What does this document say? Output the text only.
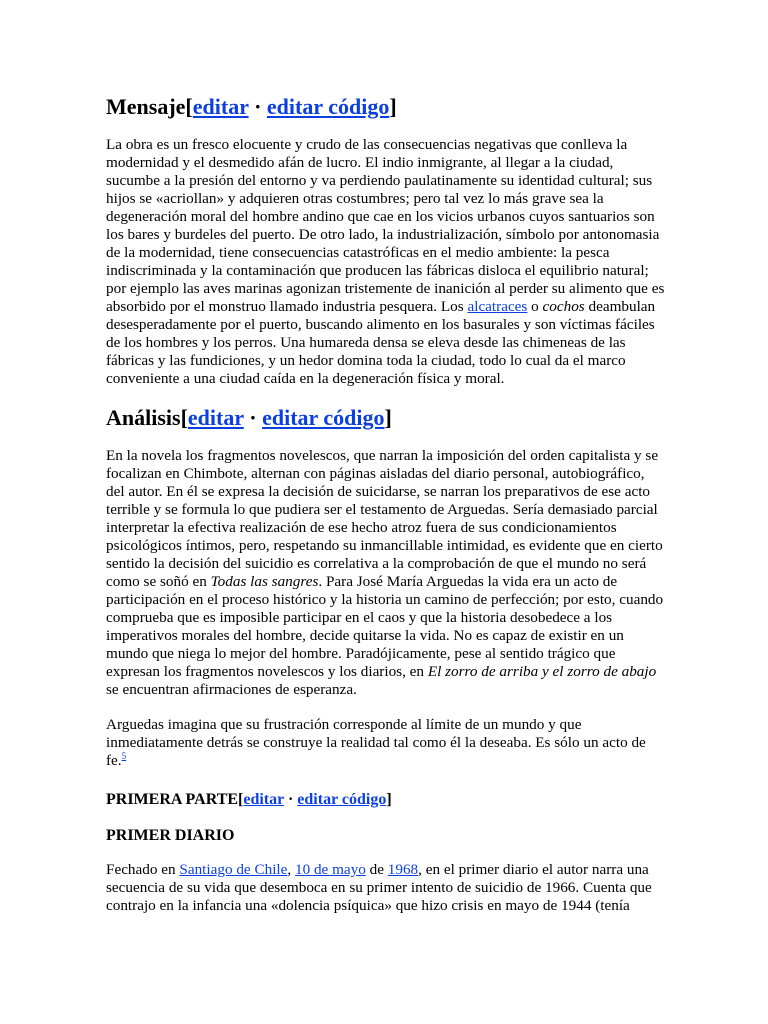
Mensaje[editar · editar código]

La obra es un fresco elocuente y crudo de las consecuencias negativas que conlleva la modernidad y el desmedido afán de lucro. El indio inmigrante, al llegar a la ciudad, sucumbe a la presión del entorno y va perdiendo paulatinamente su identidad cultural; sus hijos se «acriollan» y adquieren otras costumbres; pero tal vez lo más grave sea la degeneración moral del hombre andino que cae en los vicios urbanos cuyos santuarios son los bares y burdeles del puerto. De otro lado, la industrialización, símbolo por antonomasia de la modernidad, tiene consecuencias catastróficas en el medio ambiente: la pesca indiscriminada y la contaminación que producen las fábricas disloca el equilibrio natural; por ejemplo las aves marinas agonizan tristemente de inanición al perder su alimento que es absorbido por el monstruo llamado industria pesquera. Los alcatraces o cochos deambulan desesperadamente por el puerto, buscando alimento en los basurales y son víctimas fáciles de los hombres y los perros. Una humareda densa se eleva desde las chimeneas de las fábricas y las fundiciones, y un hedor domina toda la ciudad, todo lo cual da el marco conveniente a una ciudad caída en la degeneración física y moral.

Análisis[editar · editar código]

En la novela los fragmentos novelescos, que narran la imposición del orden capitalista y se focalizan en Chimbote, alternan con páginas aisladas del diario personal, autobiográfico, del autor. En él se expresa la decisión de suicidarse, se narran los preparativos de ese acto terrible y se formula lo que pudiera ser el testamento de Arguedas. Sería demasiado parcial interpretar la efectiva realización de ese hecho atroz fuera de sus condicionamientos psicológicos íntimos, pero, respetando su inmancillable intimidad, es evidente que en cierto sentido la decisión del suicidio es correlativa a la comprobación de que el mundo no será como se soñó en Todas las sangres. Para José María Arguedas la vida era un acto de participación en el proceso histórico y la historia un camino de perfección; por esto, cuando comprueba que es imposible participar en el caos y que la historia desobedece a los imperativos morales del hombre, decide quitarse la vida. No es capaz de existir en un mundo que niega lo mejor del hombre. Paradójicamente, pese al sentido trágico que expresan los fragmentos novelescos y los diarios, en El zorro de arriba y el zorro de abajo se encuentran afirmaciones de esperanza.

Arguedas imagina que su frustración corresponde al límite de un mundo y que inmediatamente detrás se construye la realidad tal como él la deseaba. Es sólo un acto de fe.$^5$

PRIMERA PARTE[editar · editar código]
PRIMER DIARIO

Fechado en Santiago de Chile, 10 de mayo de 1968, en el primer diario el autor narra una secuencia de su vida que desemboca en su primer intento de suicidio de 1966. Cuenta que contrajo en la infancia una «dolencia psíquica» que hizo crisis en mayo de 1944 (tenía
